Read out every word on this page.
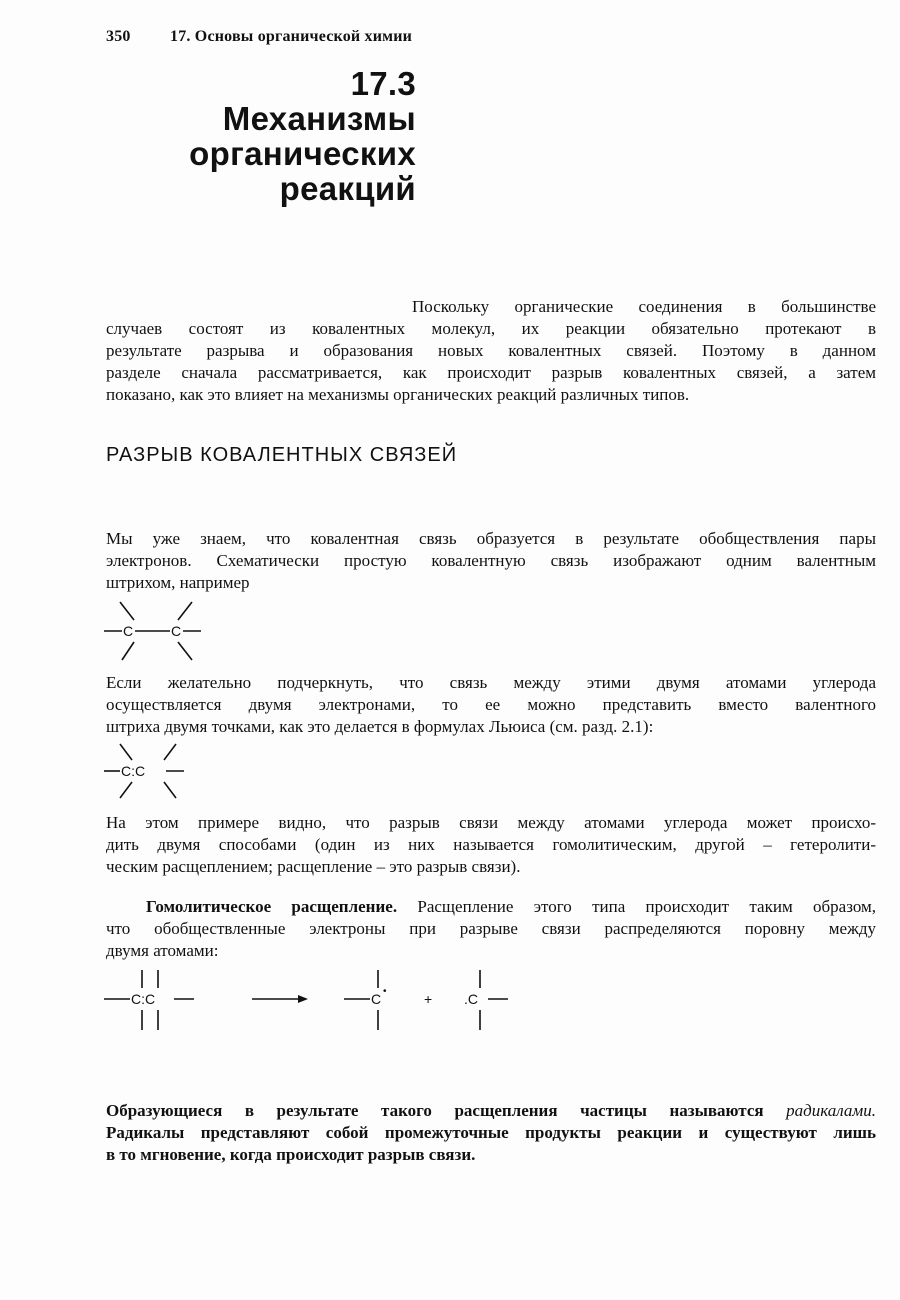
350 17. Основы органической химии
17.3
Механизмы
органических
реакций
Поскольку органические соединения в большинстве
случаев состоят из ковалентных молекул, их реакции обязательно протекают в
результате разрыва и образования новых ковалентных связей. Поэтому в данном
разделе сначала рассматривается, как происходит разрыв ковалентных связей, а затем
показано, как это влияет на механизмы органических реакций различных типов.
РАЗРЫВ КОВАЛЕНТНЫХ СВЯЗЕЙ
Мы уже знаем, что ковалентная связь образуется в результате обобществления пары
электронов. Схематически простую ковалентную связь изображают одним валентным
штрихом, например
C	C
Если желательно подчеркнуть, что связь между этими двумя атомами углерода
осуществляется двумя электронами, то ее можно представить вместо валентного
штриха двумя точками, как это делается в формулах Льюиса (см. разд. 2.1):
C:C
На этом примере видно, что разрыв связи между атомами углерода может происхо-
дить двумя способами (один из них называется гомолитическим, другой – гетеролити-
ческим расщеплением; расщепление – это разрыв связи).
Гомолитическое расщепление. Расщепление этого типа происходит таким образом,
что обобществленные электроны при разрыве связи распределяются поровну между
двумя атомами:
C:C	C •	+ .C
Образующиеся в результате такого расщепления частицы называются радикалами.
Радикалы представляют собой промежуточные продукты реакции и существуют лишь
в то мгновение, когда происходит разрыв связи.
